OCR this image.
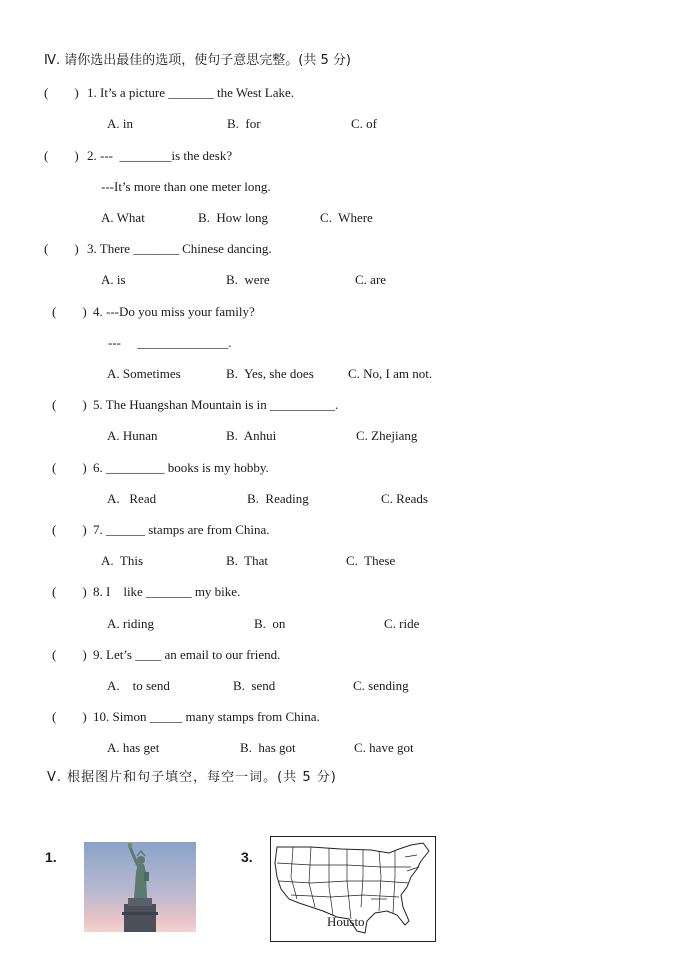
Ⅳ. 请你选出最佳的选项，使句子意思完整。(共 5 分)
(        ) 1. It’s a picture _______ the West Lake.
A. in	B.  for	C. of
(        ) 2. ---  ________is the desk?
---It’s more than one meter long.
A. What	B.  How long	C.  Where
(        ) 3. There _______ Chinese dancing.
A. is	B.  were	C. are
(        ) 4. ---Do you miss your family?
---     ______________.
A. Sometimes	B.  Yes, she does	C. No, I am not.
(        ) 5. The Huangshan Mountain is in __________.
A. Hunan	B.  Anhui	C. Zhejiang
(        ) 6. _________ books is my hobby.
A.   Read	B.  Reading	C. Reads
(        ) 7. ______ stamps are from China.
A.  This	B.  That	C.  These
(        ) 8. I    like _______ my bike.
A. riding	B.  on	C. ride
(        ) 9. Let’s ____ an email to our friend.
A.    to send	B.  send	C. sending
(        ) 10. Simon _____ many stamps from China.
A. has get	B.  has got	C. have got
Ⅴ. 根据图片和句子填空，每空一词。(共 5 分)
1.	3.
Housto
